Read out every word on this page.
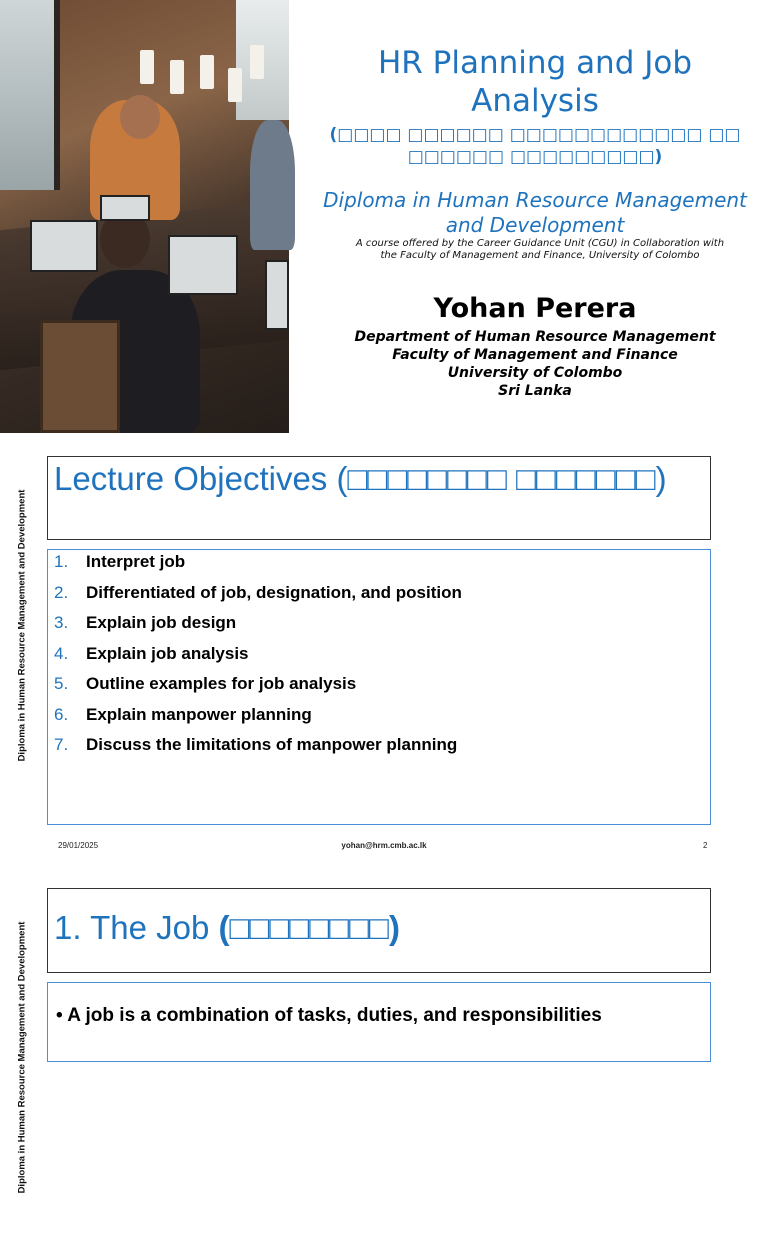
HR Planning and Job Analysis
(□□□□ □□□□□□ □□□□□□□□□□□□ □□ □□□□□□ □□□□□□□□□)
Diploma in Human Resource Management and Development
A course offered by the Career Guidance Unit (CGU) in Collaboration with the Faculty of Management and Finance, University of Colombo
Yohan Perera
Department of Human Resource Management
Faculty of Management and Finance
University of Colombo
Sri Lanka
Diploma in Human Resource Management and Development
Lecture Objectives (□□□□□□□□ □□□□□□□)
1.	Interpret job
2.	Differentiated of job, designation, and position
3.	Explain job design
4.	Explain job analysis
5.	Outline examples for job analysis
6.	Explain manpower planning
7.	Discuss the limitations of manpower planning
yohan@hrm.cmb.ac.lk
29/01/2025	2
Diploma in Human Resource Management and Development 1. The Job (□□□□□□□□)
• A job is a combination of tasks, duties, and responsibilities
